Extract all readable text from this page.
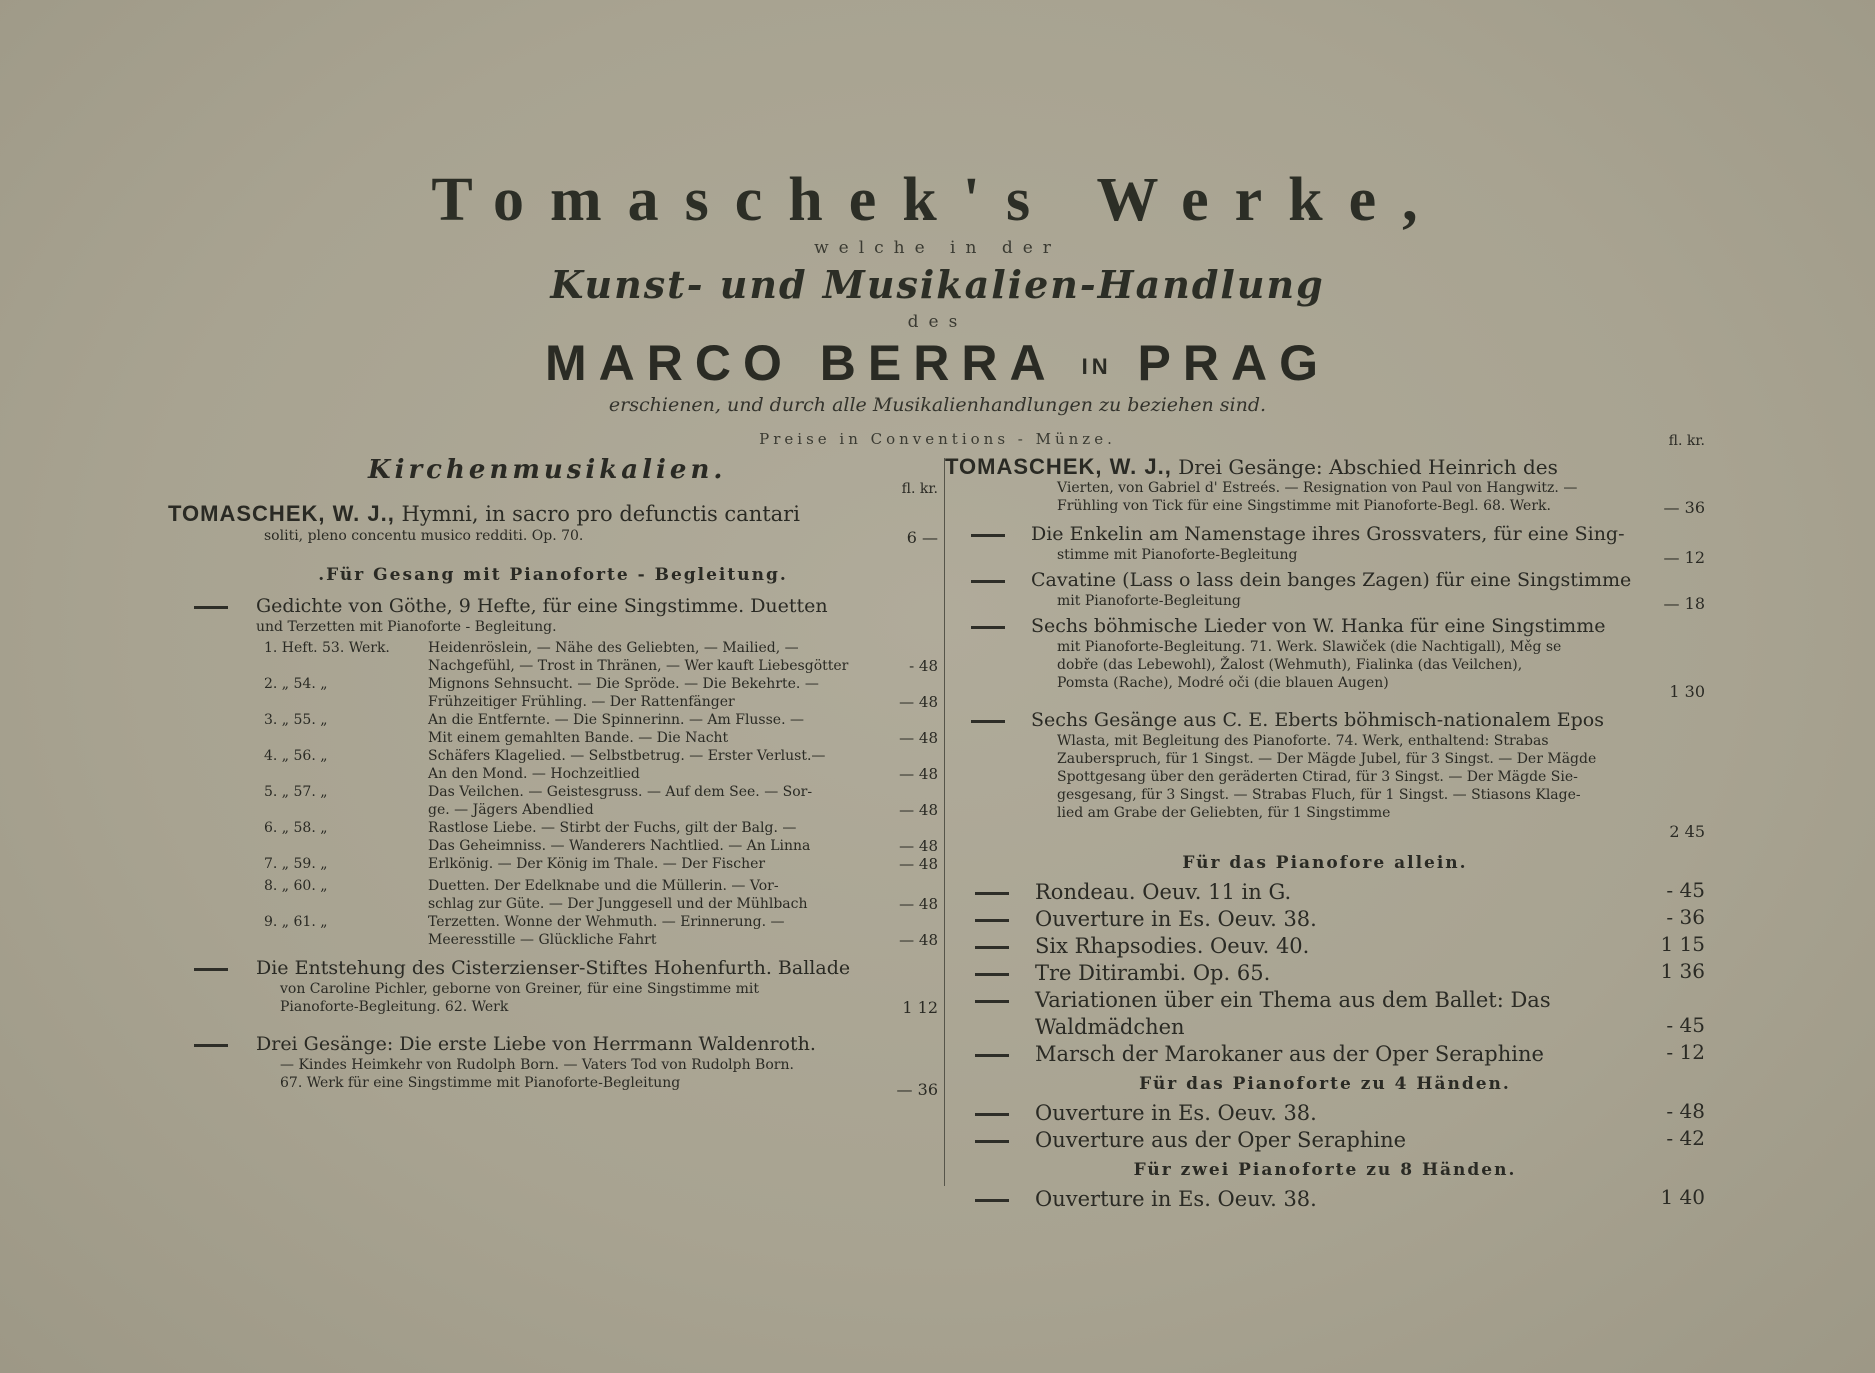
Tomaschek's Werke,
welche in der
Kunst- und Musikalien-Handlung
des
MARCO BERRA IN PRAG
erschienen, und durch alle Musikalienhandlungen zu beziehen sind.
Preise in Conventions - Münze.
Kirchenmusikalien.
fl. kr.
TOMASCHEK, W. J., Hymni, in sacro pro defunctis cantari
soliti, pleno concentu musico redditi. Op. 70.	6 —
.Für Gesang mit Pianoforte - Begleitung.
Gedichte von Göthe, 9 Hefte, für eine Singstimme. Duetten
und Terzetten mit Pianoforte - Begleitung.
1. Heft. 53. Werk.	Heidenröslein, — Nähe des Geliebten, — Mailied, —
Nachgefühl, — Trost in Thränen, — Wer kauft Liebesgötter	- 48
2. „ 54. „	Mignons Sehnsucht. — Die Spröde. — Die Bekehrte. —
Frühzeitiger Frühling. — Der Rattenfänger	— 48
3. „ 55. „	An die Entfernte. — Die Spinnerinn. — Am Flusse. —
Mit einem gemahlten Bande. — Die Nacht	— 48
4. „ 56. „	Schäfers Klagelied. — Selbstbetrug. — Erster Verlust.—
An den Mond. — Hochzeitlied	— 48
5. „ 57. „	Das Veilchen. — Geistesgruss. — Auf dem See. — Sor-
ge. — Jägers Abendlied	— 48
6. „ 58. „	Rastlose Liebe. — Stirbt der Fuchs, gilt der Balg. —
Das Geheimniss. — Wanderers Nachtlied. — An Linna	— 48
7. „ 59. „	Erlkönig. — Der König im Thale. — Der Fischer	— 48
8. „ 60. „	Duetten. Der Edelknabe und die Müllerin. — Vor-
schlag zur Güte. — Der Junggesell und der Mühlbach	— 48
9. „ 61. „	Terzetten. Wonne der Wehmuth. — Erinnerung. —
Meeresstille — Glückliche Fahrt	— 48
Die Entstehung des Cisterzienser-Stiftes Hohenfurth. Ballade
von Caroline Pichler, geborne von Greiner, für eine Singstimme mit
Pianoforte-Begleitung. 62. Werk	1 12
Drei Gesänge: Die erste Liebe von Herrmann Waldenroth.
— Kindes Heimkehr von Rudolph Born. — Vaters Tod von Rudolph Born.
67. Werk für eine Singstimme mit Pianoforte-Begleitung	— 36
fl. kr.
TOMASCHEK, W. J., Drei Gesänge: Abschied Heinrich des
Vierten, von Gabriel d' Estreés. — Resignation von Paul von Hangwitz. —
Frühling von Tick für eine Singstimme mit Pianoforte-Begl. 68. Werk.	— 36
Die Enkelin am Namenstage ihres Grossvaters, für eine Sing-
stimme mit Pianoforte-Begleitung	— 12
Cavatine (Lass o lass dein banges Zagen) für eine Singstimme
mit Pianoforte-Begleitung	— 18
Sechs böhmische Lieder von W. Hanka für eine Singstimme
mit Pianoforte-Begleitung. 71. Werk. Slawiček (die Nachtigall), Měg se
dobře (das Lebewohl), Žalost (Wehmuth), Fialinka (das Veilchen),
Pomsta (Rache), Modré oči (die blauen Augen)	1 30
Sechs Gesänge aus C. E. Eberts böhmisch-nationalem Epos
Wlasta, mit Begleitung des Pianoforte. 74. Werk, enthaltend: Strabas
Zauberspruch, für 1 Singst. — Der Mägde Jubel, für 3 Singst. — Der Mägde
Spottgesang über den geräderten Ctirad, für 3 Singst. — Der Mägde Sie-
gesgesang, für 3 Singst. — Strabas Fluch, für 1 Singst. — Stiasons Klage-
lied am Grabe der Geliebten, für 1 Singstimme
2 45
Für das Pianofore allein.
Rondeau. Oeuv. 11 in G.	- 45
Ouverture in Es. Oeuv. 38.	- 36
Six Rhapsodies. Oeuv. 40.	1 15
Tre Ditirambi. Op. 65.	1 36
Variationen über ein Thema aus dem Ballet: Das Waldmädchen	- 45
Marsch der Marokaner aus der Oper Seraphine	- 12
Für das Pianoforte zu 4 Händen.
Ouverture in Es. Oeuv. 38.	- 48
Ouverture aus der Oper Seraphine	- 42
Für zwei Pianoforte zu 8 Händen.
Ouverture in Es. Oeuv. 38.	1 40
